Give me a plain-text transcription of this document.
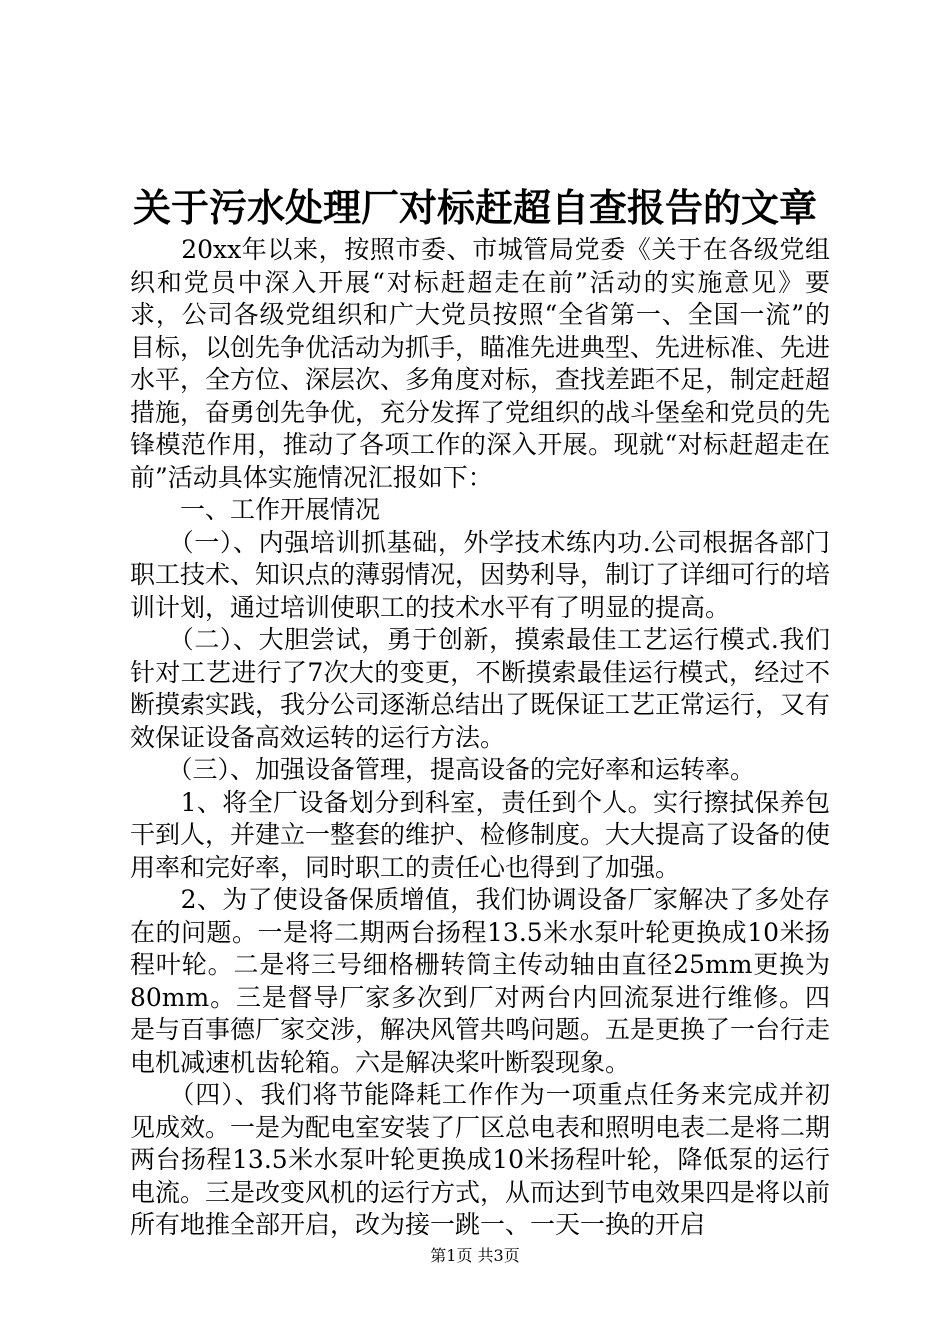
关于污水处理厂对标赶超自查报告的文章

　　20xx年以来，按照市委、市城管局党委《关于在各级党组织和党员中深入开展“对标赶超走在前”活动的实施意见》要求，公司各级党组织和广大党员按照“全省第一、全国一流”的目标，以创先争优活动为抓手，瞄准先进典型、先进标准、先进水平，全方位、深层次、多角度对标，查找差距不足，制定赶超措施，奋勇创先争优，充分发挥了党组织的战斗堡垒和党员的先锋模范作用，推动了各项工作的深入开展。现就“对标赶超走在前”活动具体实施情况汇报如下：

　　一、工作开展情况

　　（一）、内强培训抓基础，外学技术练内功.公司根据各部门职工技术、知识点的薄弱情况，因势利导，制订了详细可行的培训计划，通过培训使职工的技术水平有了明显的提高。

　　（二）、大胆尝试，勇于创新，摸索最佳工艺运行模式.我们针对工艺进行了7次大的变更，不断摸索最佳运行模式，经过不断摸索实践，我分公司逐渐总结出了既保证工艺正常运行，又有效保证设备高效运转的运行方法。

　　（三）、加强设备管理，提高设备的完好率和运转率。

　　1、将全厂设备划分到科室，责任到个人。实行擦拭保养包干到人，并建立一整套的维护、检修制度。大大提高了设备的使用率和完好率，同时职工的责任心也得到了加强。

　　2、为了使设备保质增值，我们协调设备厂家解决了多处存在的问题。一是将二期两台扬程13.5米水泵叶轮更换成10米扬程叶轮。二是将三号细格栅转筒主传动轴由直径25mm更换为80mm。三是督导厂家多次到厂对两台内回流泵进行维修。四是与百事德厂家交涉，解决风管共鸣问题。五是更换了一台行走电机减速机齿轮箱。六是解决桨叶断裂现象。

　　（四）、我们将节能降耗工作作为一项重点任务来完成并初见成效。一是为配电室安装了厂区总电表和照明电表二是将二期两台扬程13.5米水泵叶轮更换成10米扬程叶轮，降低泵的运行电流。三是改变风机的运行方式，从而达到节电效果四是将以前所有地推全部开启，改为接一跳一、一天一换的开启

第1页 共3页
